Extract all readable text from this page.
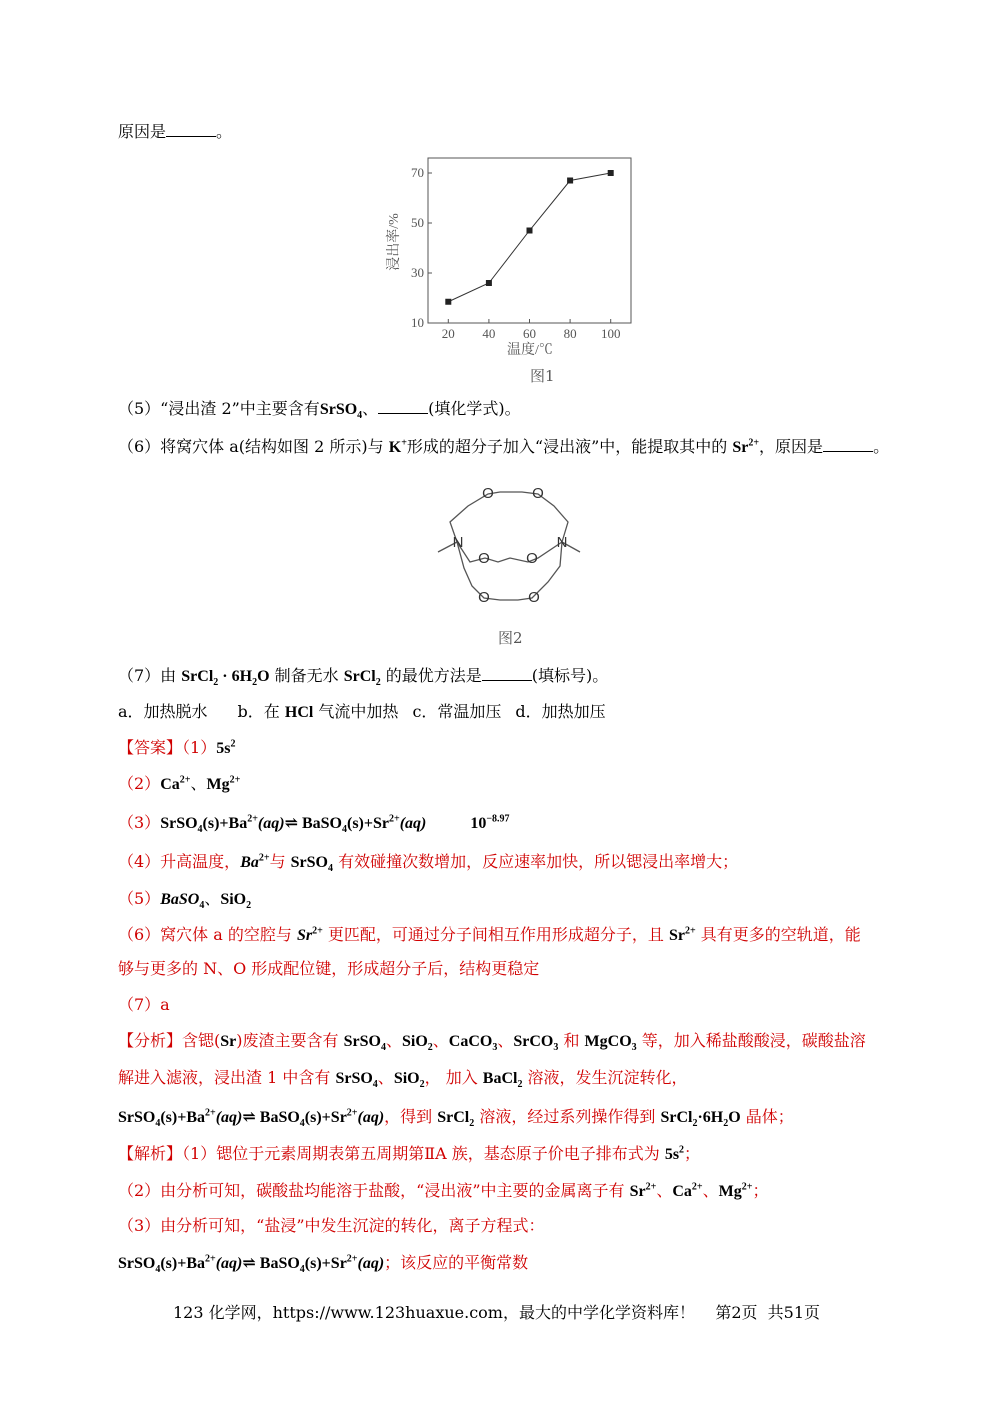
原因是	。
20 40 60 80 100
10
30
50
70
浸出率/%
温度/℃
图1
（5）“浸出渣 2”中主要含有SrSO$_4$、	(填化学式)。
（6）将窝穴体 a(结构如图 2 所示)与 K+形成的超分子加入“浸出液”中，能提取其中的 $Sr^{2+}$，原因是	。
O	O
N
O O
N
O	O
图2
（7）由 SrCl$_2$ · $6H_2O$ 制备无水 SrCl$_2$ 的最优方法是	(填标号)。
a．加热脱水 b．在 HCl 气流中加热 c．常温加压 d．加热加压
【答案】$(1)5s^2$
$(2)Ca^{2+}$、$Mg^{2+}$
$(3)SrSO_4(s)+Ba^{2+}(aq)\rightleftharpoons$ $BaSO_4(s)+Sr^{2+}(aq)$	$10^{-8.97}$
（4）升高温度，$Ba^{2+}$与 SrSO$_4$ 有效碰撞次数增加，反应速率加快，所以锶浸出率增大；
（5）BaSO$_4$、SiO$_2$
（6）窝穴体 a 的空腔与 $Sr^{2+}$ 更匹配，可通过分子间相互作用形成超分子，且 $Sr^{2+}$ 具有更多的空轨道，能
够与更多的 N、O 形成配位键，形成超分子后，结构更稳定
（7）a
【分析】含锶(Sr)废渣主要含有 SrSO$_4$、SiO$_2$、CaCO$_3$、SrCO$_3$ 和 MgCO$_3$ 等，加入稀盐酸酸浸，碳酸盐溶
解进入滤液，浸出渣 1 中含有 SrSO$_4$、SiO$_2$， 加入 BaCl$_2$ 溶液，发生沉淀转化，
$SrSO_4(s)+Ba^{2+}(aq)\rightleftharpoons$ $BaSO_4(s)+Sr^{2+}(aq)$，得到 SrCl$_2$ 溶液，经过系列操作得到 $SrCl_2\cdot 6H_2O$ 晶体；
【解析】（1）锶位于元素周期表第五周期第ⅡA 族，基态原子价电子排布式为 $5s^2$；
（2）由分析可知，碳酸盐均能溶于盐酸，“浸出液”中主要的金属离子有 $Sr^{2+}$、$Ca^{2+}$、$Mg^{2+}$；
（3）由分析可知，“盐浸”中发生沉淀的转化，离子方程式：
$SrSO_4(s)+Ba^{2+}(aq)\rightleftharpoons$ $BaSO_4(s)+Sr^{2+}(aq)$；该反应的平衡常数
123 化学网，https://www.123huaxue.com，最大的中学化学资料库！    第2页  共51页
